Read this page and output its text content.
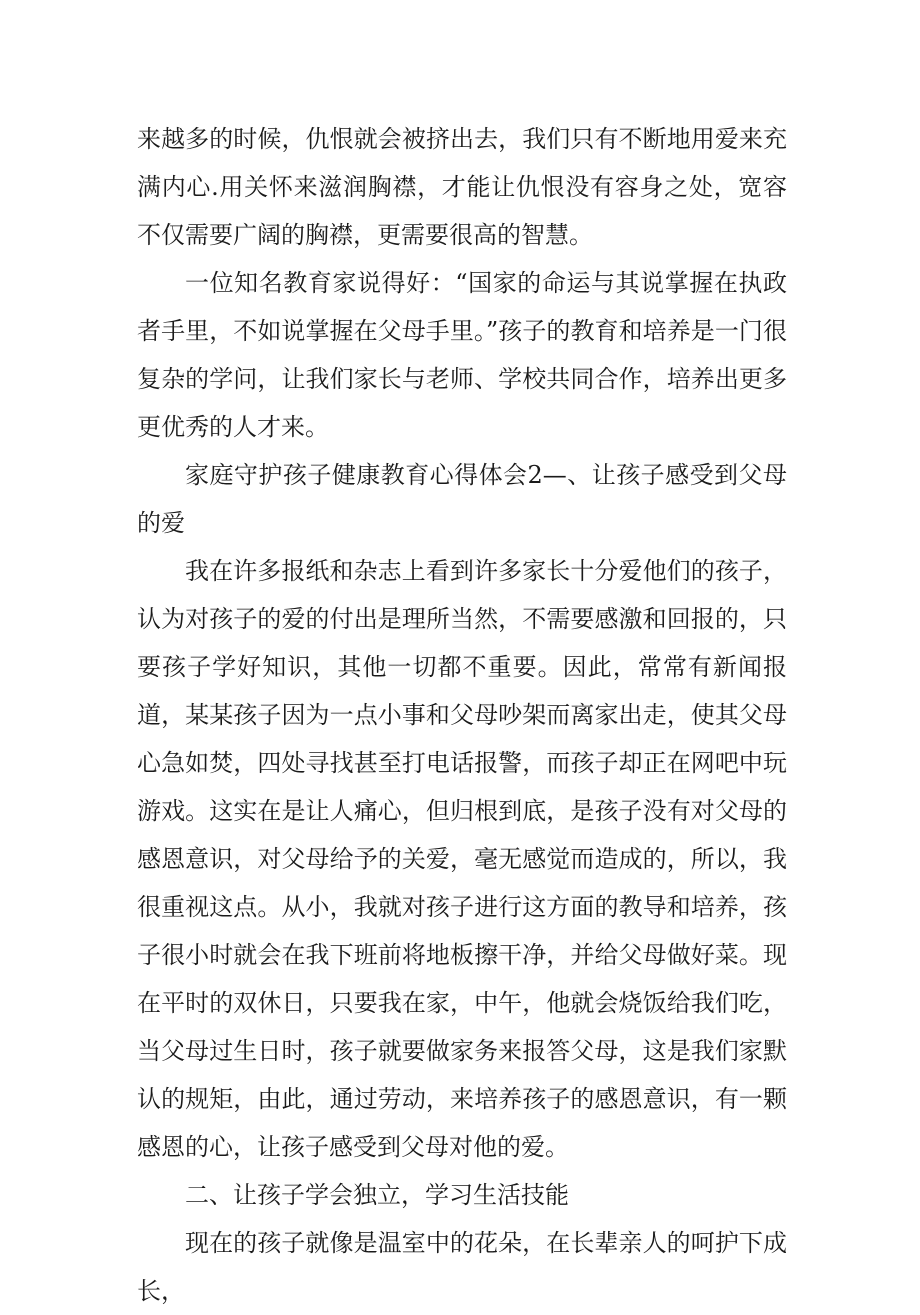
来越多的时候，仇恨就会被挤出去，我们只有不断地用爱来充满内心.用关怀来滋润胸襟，才能让仇恨没有容身之处，宽容不仅需要广阔的胸襟，更需要很高的智慧。

一位知名教育家说得好：“国家的命运与其说掌握在执政者手里，不如说掌握在父母手里。”孩子的教育和培养是一门很复杂的学问，让我们家长与老师、学校共同合作，培养出更多更优秀的人才来。

家庭守护孩子健康教育心得体会2—、让孩子感受到父母的爱

我在许多报纸和杂志上看到许多家长十分爱他们的孩子，认为对孩子的爱的付出是理所当然，不需要感激和回报的，只要孩子学好知识，其他一切都不重要。因此，常常有新闻报道，某某孩子因为一点小事和父母吵架而离家出走，使其父母心急如焚，四处寻找甚至打电话报警，而孩子却正在网吧中玩游戏。这实在是让人痛心，但归根到底，是孩子没有对父母的感恩意识，对父母给予的关爱，毫无感觉而造成的，所以，我很重视这点。从小，我就对孩子进行这方面的教导和培养，孩子很小时就会在我下班前将地板擦干净，并给父母做好菜。现在平时的双休日，只要我在家，中午，他就会烧饭给我们吃，当父母过生日时，孩子就要做家务来报答父母，这是我们家默认的规矩，由此，通过劳动，来培养孩子的感恩意识，有一颗感恩的心，让孩子感受到父母对他的爱。

二、让孩子学会独立，学习生活技能

现在的孩子就像是温室中的花朵，在长辈亲人的呵护下成长，
